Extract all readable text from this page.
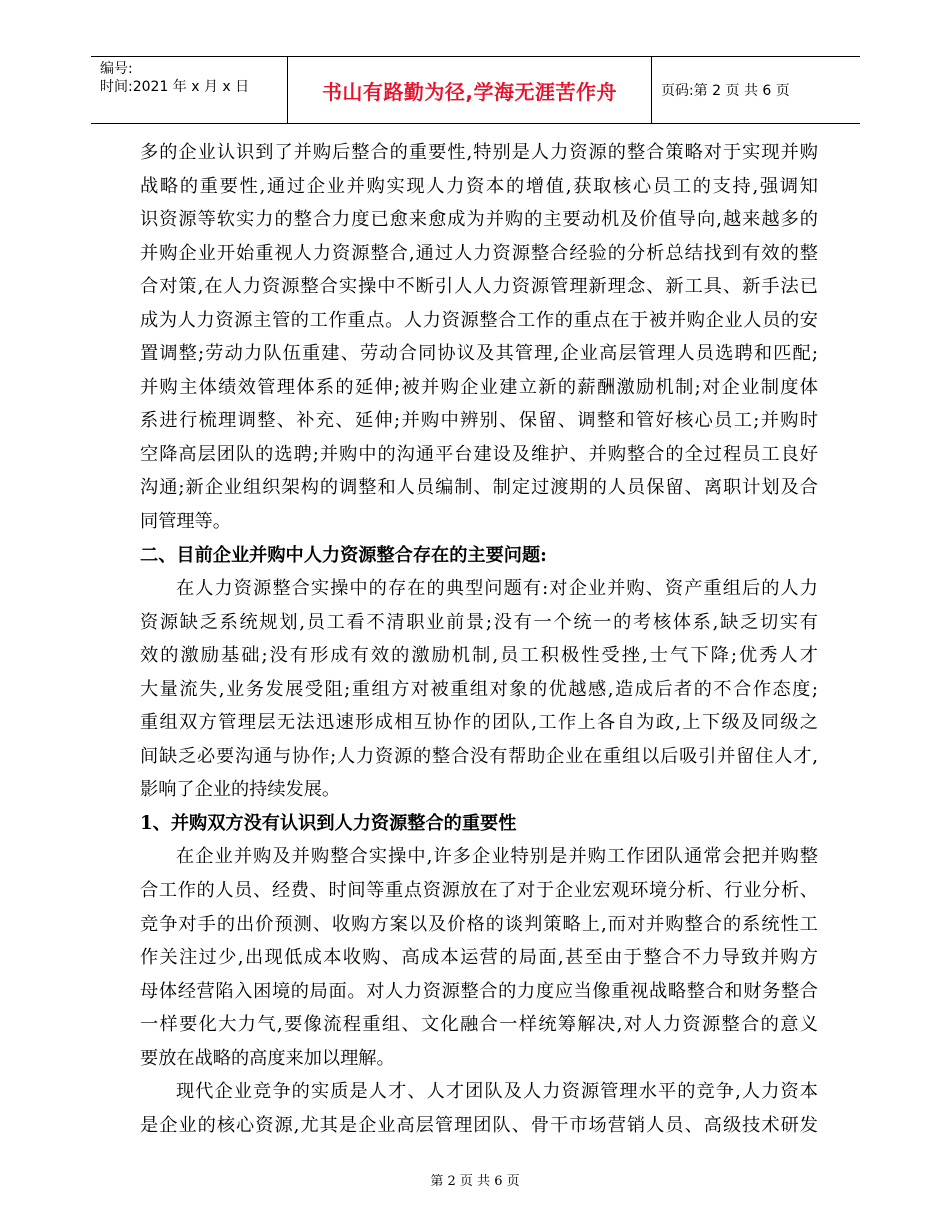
编号:
时间:2021 年 x 月 x 日	书山有路勤为径,学海无涯苦作舟	页码:第 2 页 共 6 页
多的企业认识到了并购后整合的重要性,特别是人力资源的整合策略对于实现并购
战略的重要性,通过企业并购实现人力资本的增值,获取核心员工的支持,强调知
识资源等软实力的整合力度已愈来愈成为并购的主要动机及价值导向,越来越多的
并购企业开始重视人力资源整合,通过人力资源整合经验的分析总结找到有效的整
合对策,在人力资源整合实操中不断引人人力资源管理新理念、新工具、新手法已
成为人力资源主管的工作重点。人力资源整合工作的重点在于被并购企业人员的安
置调整;劳动力队伍重建、劳动合同协议及其管理,企业高层管理人员选聘和匹配;
并购主体绩效管理体系的延伸;被并购企业建立新的薪酬激励机制;对企业制度体
系进行梳理调整、补充、延伸;并购中辨别、保留、调整和管好核心员工;并购时
空降高层团队的选聘;并购中的沟通平台建设及维护、并购整合的全过程员工良好
沟通;新企业组织架构的调整和人员编制、制定过渡期的人员保留、离职计划及合
同管理等。
二、目前企业并购中人力资源整合存在的主要问题:
在人力资源整合实操中的存在的典型问题有:对企业并购、资产重组后的人力
资源缺乏系统规划,员工看不清职业前景;没有一个统一的考核体系,缺乏切实有
效的激励基础;没有形成有效的激励机制,员工积极性受挫,士气下降;优秀人才
大量流失,业务发展受阻;重组方对被重组对象的优越感,造成后者的不合作态度;
重组双方管理层无法迅速形成相互协作的团队,工作上各自为政,上下级及同级之
间缺乏必要沟通与协作;人力资源的整合没有帮助企业在重组以后吸引并留住人才,
影响了企业的持续发展。
1、并购双方没有认识到人力资源整合的重要性
在企业并购及并购整合实操中,许多企业特别是并购工作团队通常会把并购整
合工作的人员、经费、时间等重点资源放在了对于企业宏观环境分析、行业分析、
竞争对手的出价预测、收购方案以及价格的谈判策略上,而对并购整合的系统性工
作关注过少,出现低成本收购、高成本运营的局面,甚至由于整合不力导致并购方
母体经营陷入困境的局面。对人力资源整合的力度应当像重视战略整合和财务整合
一样要化大力气,要像流程重组、文化融合一样统筹解决,对人力资源整合的意义
要放在战略的高度来加以理解。
现代企业竞争的实质是人才、人才团队及人力资源管理水平的竞争,人力资本
是企业的核心资源,尤其是企业高层管理团队、骨干市场营销人员、高级技术研发
第 2 页 共 6 页
